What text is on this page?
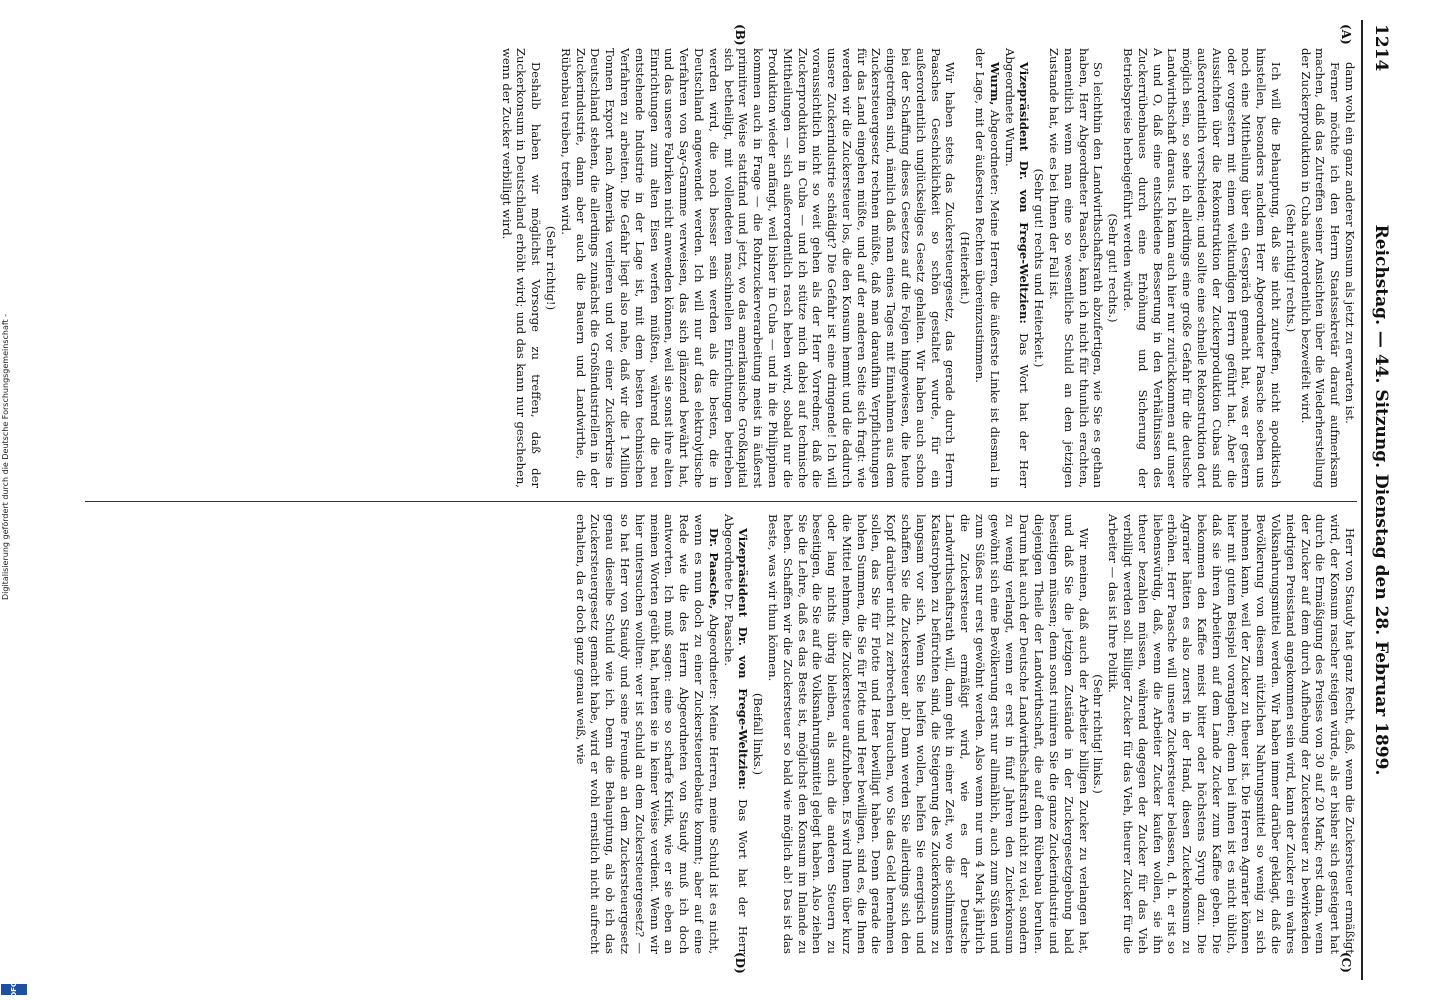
1214
Reichstag. — 44. Sitzung. Dienstag den 28. Februar 1899.
(A)
(B)
(C)
(D)

dann wohl ein ganz anderer Konsum als jetzt zu erwarten ist.

Ferner möchte ich den Herrn Staatssekretär darauf aufmerksam machen, daß das Zutreffen seiner Ansichten über die Wiederherstellung der Zuckerproduktion in Cuba außerordentlich bezweifelt wird.

(Sehr richtig! rechts.)

Ich will die Behauptung, daß sie nicht zutreffen, nicht apodiktisch hinstellen, besonders nachdem Herr Abgeordneter Paasche soeben uns noch eine Mittheilung über ein Gespräch gemacht hat, was er gestern oder vorgestern mit einem weltkundigen Herrn geführt hat. Aber die Aussichten über die Rekonstruktion der Zuckerproduktion Cubas sind außerordentlich verschieden; und sollte eine schnelle Rekonstruktion dort möglich sein, so sehe ich allerdings eine große Gefahr für die deutsche Landwirthschaft daraus. Ich kann auch hier nur zurückkommen auf unser A und O, daß eine entschiedene Besserung in den Verhältnissen des Zuckerrübenbaues durch eine Erhöhung und Sicherung der Betriebspreise herbeigeführt werden würde.

(Sehr gut! rechts.)

So leichthin den Landwirthschaftsrath abzufertigen, wie Sie es gethan haben, Herr Abgeordneter Paasche, kann ich nicht für thunlich erachten, namentlich wenn man eine so wesentliche Schuld an dem jetzigen Zustande hat, wie es bei Ihnen der Fall ist.

(Sehr gut! rechts und Heiterkeit.)

Vizepräsident Dr. von Frege-Weltzien: Das Wort hat der Herr Abgeordnete Wurm.

Wurm, Abgeordneter: Meine Herren, die äußerste Linke ist diesmal in der Lage, mit der äußersten Rechten übereinzustimmen.

(Heiterkeit.)

Wir haben stets das Zuckersteuergesetz, das gerade durch Herrn Paasches Geschicklichkeit so schön gestaltet wurde, für ein außerordentlich unglückseliges Gesetz gehalten. Wir haben auch schon bei der Schaffung dieses Gesetzes auf die Folgen hingewiesen, die heute eingetroffen sind, nämlich daß man eines Tages mit Einnahmen aus dem Zuckersteuergesetz rechnen müßte, daß man daraufhin Verpflichtungen für das Land eingehen müßte, und auf der anderen Seite sich fragt: wie werden wir die Zuckersteuer los, die den Konsum hemmt und die dadurch unsere Zuckerindustrie schädigt? Die Gefahr ist eine dringende! Ich will voraussichtlich nicht so weit gehen als der Herr Vorredner, daß die Zuckerproduktion in Cuba — und ich stütze mich dabei auf technische Mittheilungen — sich außerordentlich rasch heben wird, sobald nur die Produktion wieder anfängt, weil bisher in Cuba — und in die Philippinen kommen auch in Frage — die Rohrzuckerverarbeitung meist in äußerst primitiver Weise stattfand und jetzt, wo das amerikanische Großkapital sich betheiligt, mit vollendeten maschinellen Einrichtungen betrieben werden wird, die noch besser sein werden als die besten, die in Deutschland angewendet werden. Ich will nur auf das elektrolytische Verfahren von Say-Gramme verweisen, das sich glänzend bewährt hat, und das unsere Fabriken nicht anwenden können, weil sie sonst ihre alten Einrichtungen zum alten Eisen werfen müßten, während die neu entstehende Industrie in der Lage ist, mit dem besten technischen Verfahren zu arbeiten. Die Gefahr liegt also nahe, daß wir die 1 Million Tonnen Export nach Amerika verlieren und vor einer Zuckerkrise in Deutschland stehen, die allerdings zunächst die Großindustriellen in der Zuckerindustrie, dann aber auch die Bauern und Landwirthe, die Rübenbau treiben, treffen wird.

(Sehr richtig!)

Deshalb haben wir möglichst Vorsorge zu treffen, daß der Zuckerkonsum in Deutschland erhöht wird; und das kann nur geschehen, wenn der Zucker verbilligt wird.

Herr von Staudy hat ganz Recht, daß, wenn die Zuckersteuer ermäßigt wird, der Konsum rascher steigen würde, als er bisher sich gesteigert hat durch die Ermäßigung des Preises von 30 auf 20 Mark; erst dann, wenn der Zucker auf dem durch Aufhebung der Zuckersteuer zu bewirkenden niedrigen Preisstand angekommen sein wird, kann der Zucker ein wahres Volksnahrungsmittel werden. Wir haben immer darüber geklagt, daß die Bevölkerung von diesem nützlichen Nahrungsmittel so wenig zu sich nehmen kann, weil der Zucker zu theuer ist. Die Herren Agrarier können hier mit gutem Beispiel vorangehen; denn bei ihnen ist es nicht üblich, daß sie ihren Arbeitern auf dem Lande Zucker zum Kaffee geben. Die bekommen den Kaffee meist bitter oder höchstens Syrup dazu. Die Agrarier hätten es also zuerst in der Hand, diesen Zuckerkonsum zu erhöhen. Herr Paasche will unsere Zuckersteuer belassen, d. h. er ist so liebenswürdig, daß, wenn die Arbeiter Zucker kaufen wollen, sie ihn theuer bezahlen müssen, während dagegen der Zucker für das Vieh verbilligt werden soll. Billiger Zucker für das Vieh, theurer Zucker für die Arbeiter — das ist Ihre Politik.

(Sehr richtig! links.)

Wir meinen, daß auch der Arbeiter billigen Zucker zu verlangen hat, und daß Sie die jetzigen Zustände in der Zuckergesetzgebung bald beseitigen müssen; denn sonst ruiniren Sie die ganze Zuckerindustrie und diejenigen Theile der Landwirthschaft, die auf dem Rübenbau beruhen. Darum hat auch der Deutsche Landwirthschaftsrath nicht zu viel, sondern zu wenig verlangt, wenn er erst in fünf Jahren den Zuckerkonsum gewöhnt sich eine Bevölkerung erst nur allmählich, auch zum Süßen und zum Süßes nur erst gewöhnt werden. Also wenn nur um 4 Mark jährlich die Zuckersteuer ermäßigt wird, wie es der Deutsche Landwirthschaftsrath will, dann geht in einer Zeit, wo die schlimmsten Katastrophen zu befürchten sind, die Steigerung des Zuckerkonsums zu langsam vor sich. Wenn Sie helfen wollen, helfen Sie energisch und schaffen Sie die Zuckersteuer ab! Dann werden Sie allerdings sich den Kopf darüber nicht zu zerbrechen brauchen, wo Sie das Geld hernehmen sollen, das Sie für Flotte und Heer bewilligt haben. Denn gerade die hohen Summen, die Sie für Flotte und Heer bewilligen, sind es, die Ihnen die Mittel nehmen, die Zuckersteuer aufzuheben. Es wird Ihnen über kurz oder lang nichts übrig bleiben, als auch die anderen Steuern zu beseitigen, die Sie auf die Volksnahrungsmittel gelegt haben. Also ziehen Sie die Lehre, daß es das Beste ist, möglichst den Konsum im Inlande zu heben. Schaffen wir die Zuckersteuer so bald wie möglich ab! Das ist das Beste, was wir thun können.

(Beifall links.)

Vizepräsident Dr. von Frege-Weltzien: Das Wort hat der Herr Abgeordnete Dr. Paasche.

Dr. Paasche, Abgeordneter: Meine Herren, meine Schuld ist es nicht, wenn es nun doch zu einer Zuckersteuerdebatte kommt; aber auf eine Rede wie die des Herrn Abgeordneten von Staudy muß ich doch antworten. Ich muß sagen: eine so scharfe Kritik, wie er sie eben an meinen Worten geübt hat, hatten sie in keiner Weise verdient. Wenn wir hier untersuchen wollten: wer ist schuld an dem Zuckersteuergesetz? — so hat Herr von Staudy und seine Freunde an dem Zuckersteuergesetz genau dieselbe Schuld wie ich. Denn die Behauptung, als ob ich das Zuckersteuergesetz gemacht habe, wird er wohl ernstlich nicht aufrecht erhalten, da er doch ganz genau weiß, wie

Digitalisierung gefördert durch die Deutsche Forschungsgemeinschaft -
DFG
